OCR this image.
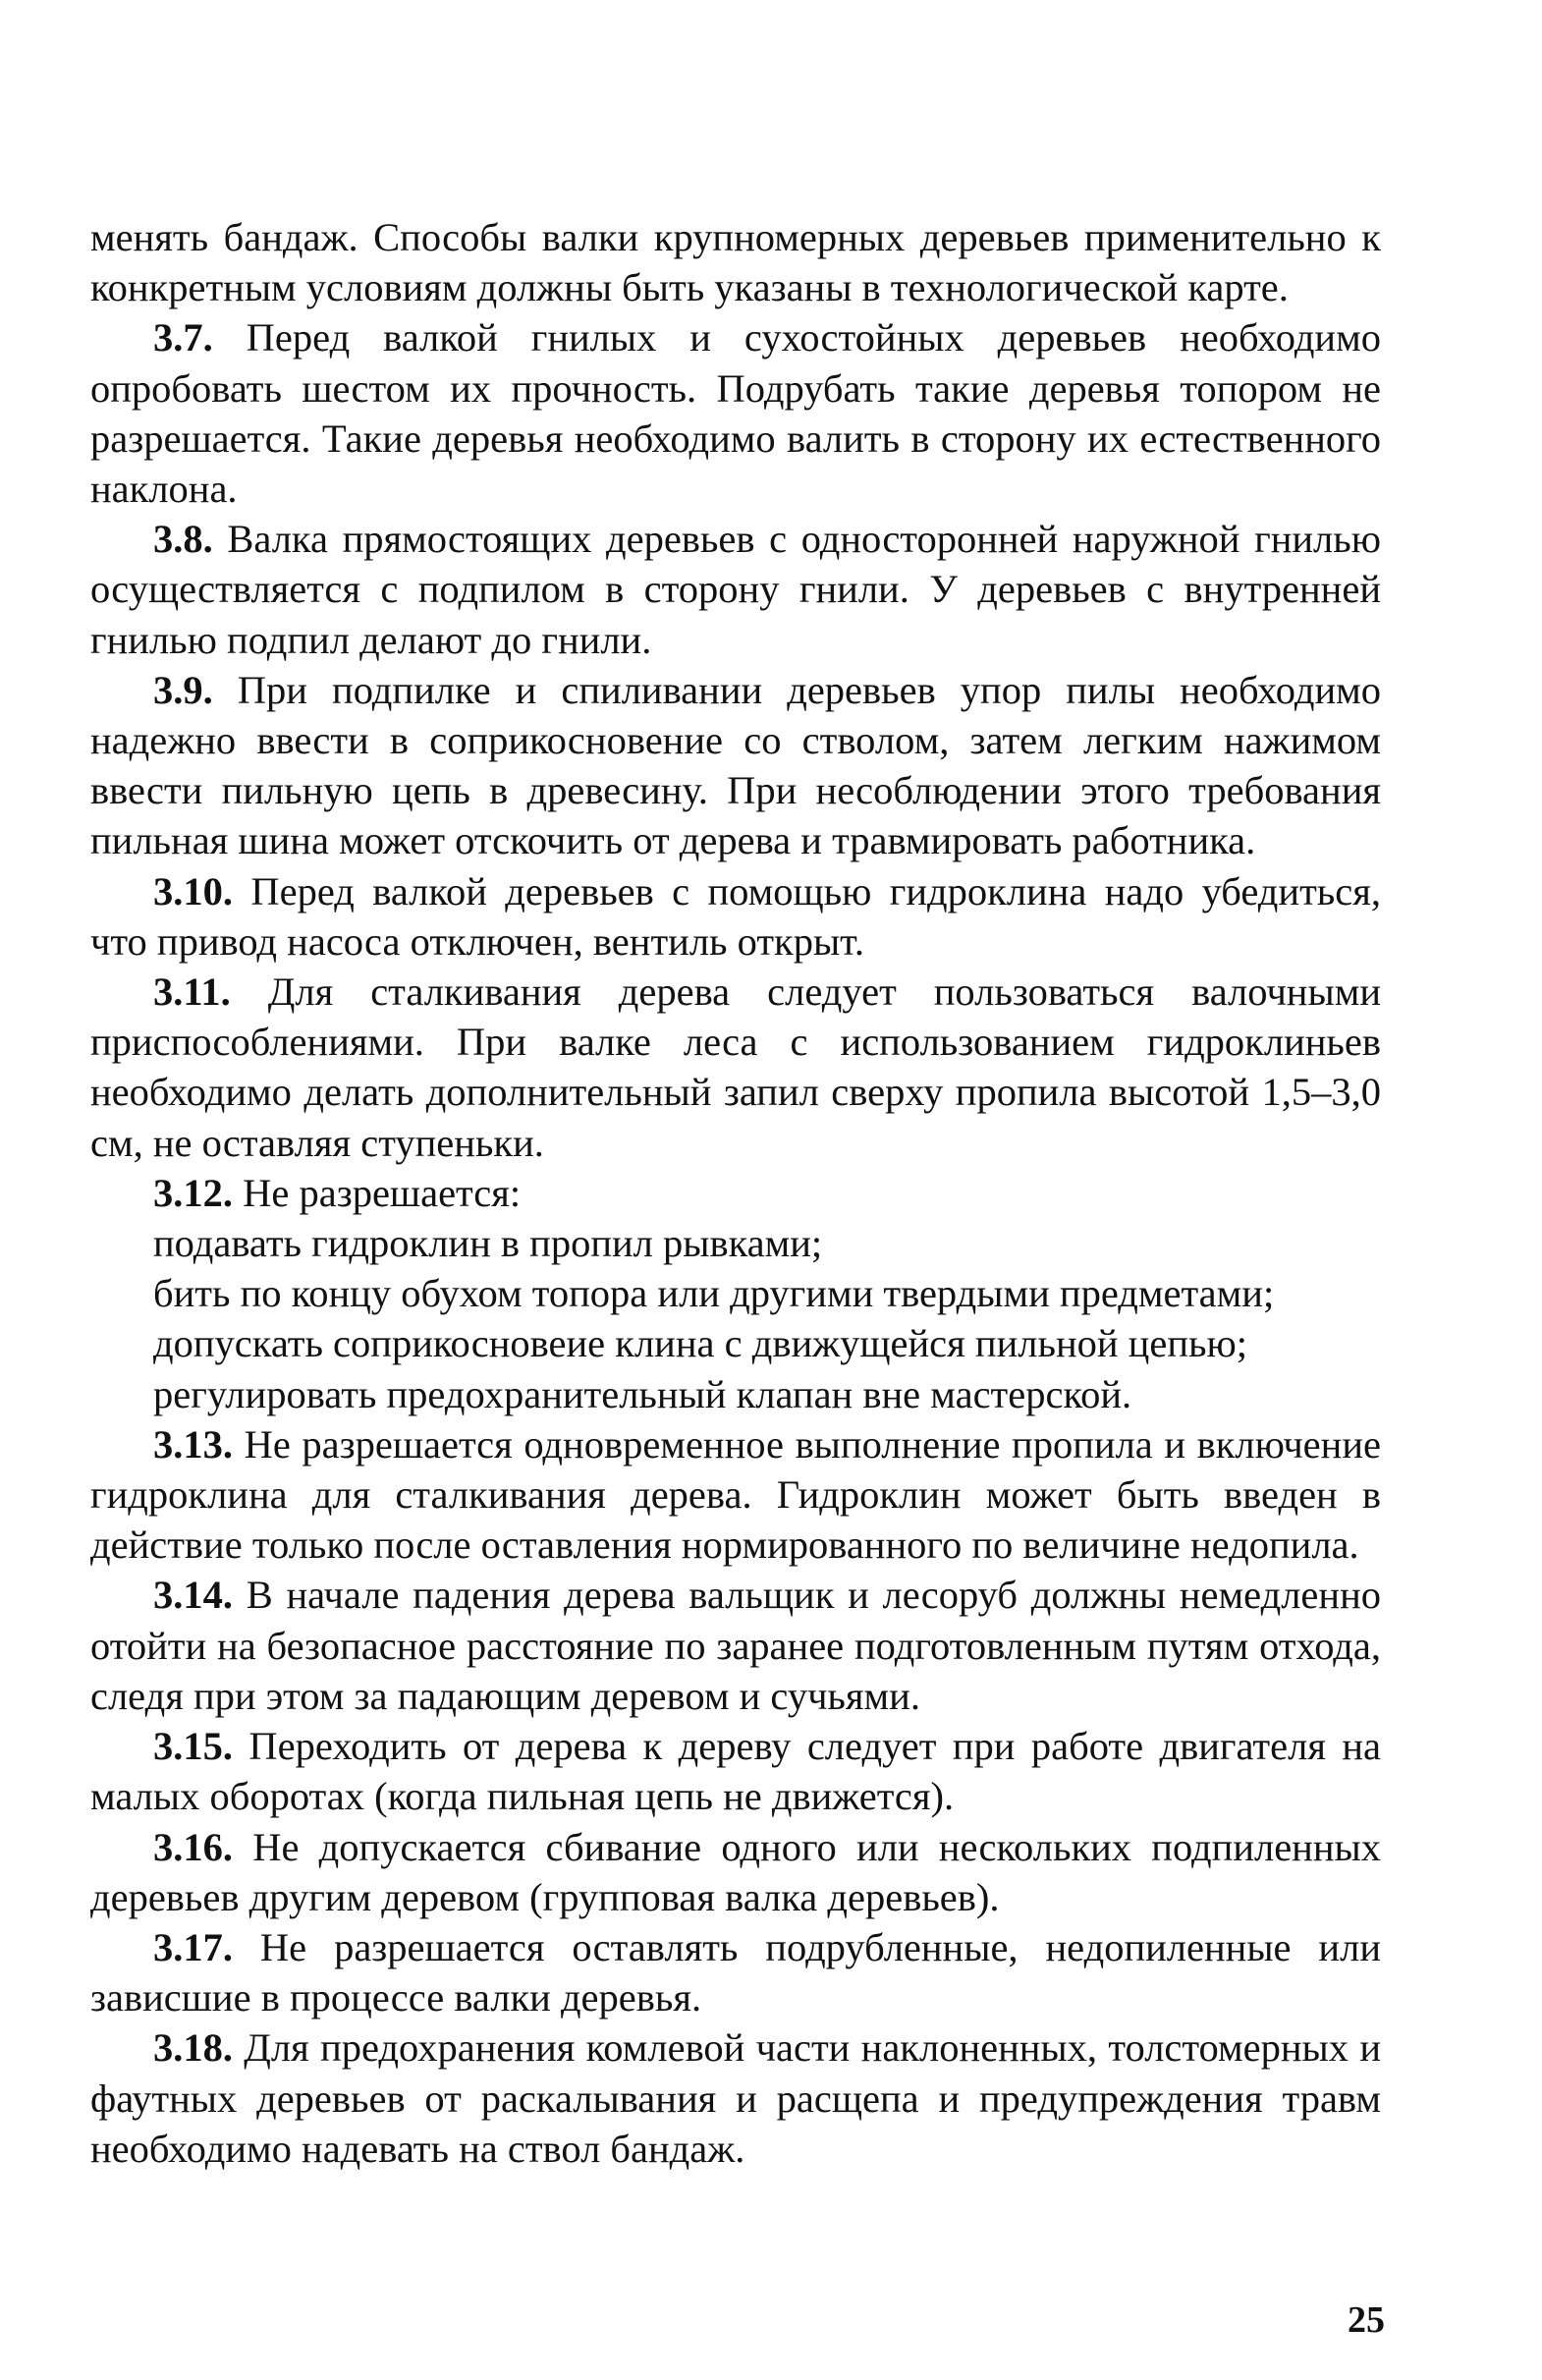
менять бандаж. Способы валки крупномерных деревьев применительно к конкретным условиям должны быть указаны в технологической карте.

3.7. Перед валкой гнилых и сухостойных деревьев необходимо опробовать шестом их прочность. Подрубать такие деревья топором не разрешается. Такие деревья необходимо валить в сторону их естественного наклона.

3.8. Валка прямостоящих деревьев с односторонней наружной гнилью осуществляется с подпилом в сторону гнили. У деревьев с внутренней гнилью подпил делают до гнили.

3.9. При подпилке и спиливании деревьев упор пилы необходимо надежно ввести в соприкосновение со стволом, затем легким нажимом ввести пильную цепь в древесину. При несоблюдении этого требования пильная шина может отскочить от дерева и травмировать работника.

3.10. Перед валкой деревьев с помощью гидроклина надо убедиться, что привод насоса отключен, вентиль открыт.

3.11. Для сталкивания дерева следует пользоваться валочными приспособлениями. При валке леса с использованием гидроклиньев необходимо делать дополнительный запил сверху пропила высотой 1,5–3,0 см, не оставляя ступеньки.

3.12. Не разрешается:

подавать гидроклин в пропил рывками;

бить по концу обухом топора или другими твердыми предметами;

допускать соприкосновеие клина с движущейся пильной цепью;

регулировать предохранительный клапан вне мастерской.

3.13. Не разрешается одновременное выполнение пропила и включение гидроклина для сталкивания дерева. Гидроклин может быть введен в действие только после оставления нормированного по величине недопила.

3.14. В начале падения дерева вальщик и лесоруб должны немедленно отойти на безопасное расстояние по заранее подготовленным путям отхода, следя при этом за падающим деревом и сучьями.

3.15. Переходить от дерева к дереву следует при работе двигателя на малых оборотах (когда пильная цепь не движется).

3.16. Не допускается сбивание одного или нескольких подпиленных деревьев другим деревом (групповая валка деревьев).

3.17. Не разрешается оставлять подрубленные, недопиленные или зависшие в процессе валки деревья.

3.18. Для предохранения комлевой части наклоненных, толстомерных и фаутных деревьев от раскалывания и расщепа и предупреждения травм необходимо надевать на ствол бандаж.

25
